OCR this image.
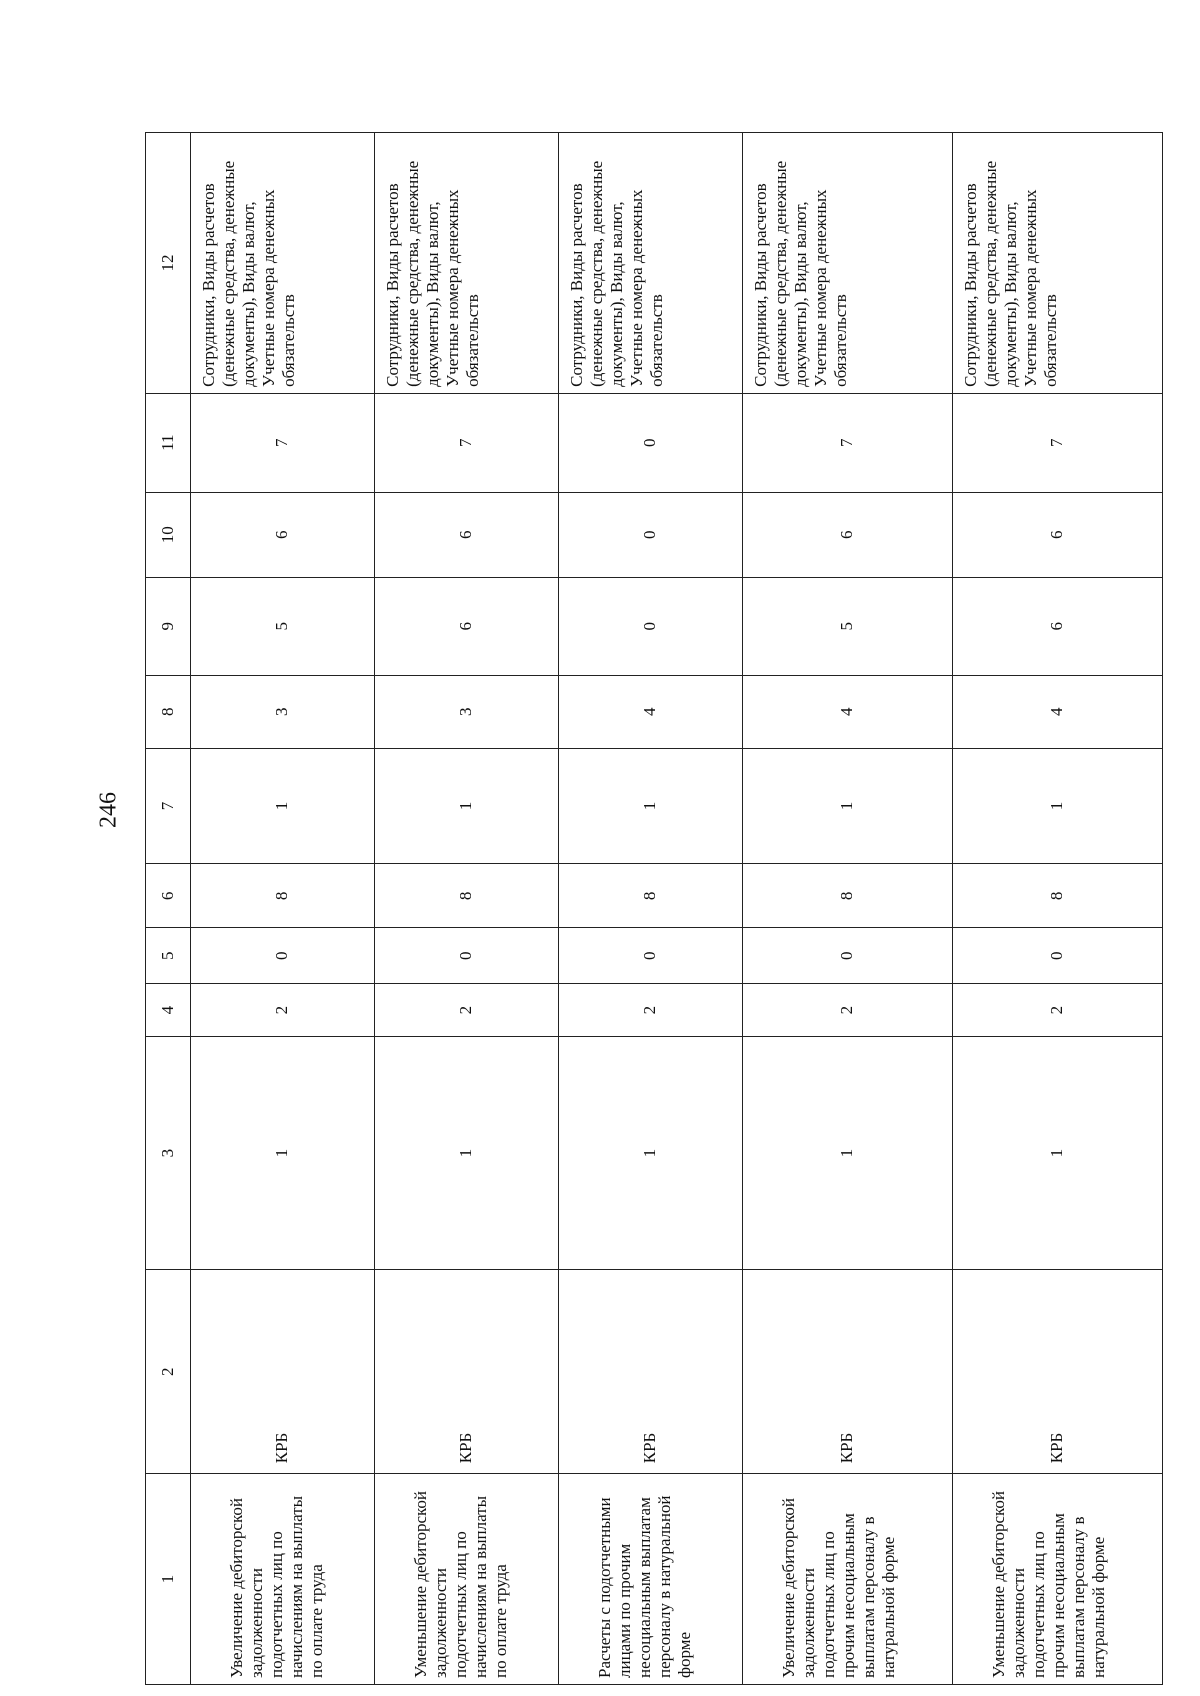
246
1	2	3	4	5	6	7	8	9	10	11	12
Увеличение дебиторской задолженности подотчетных лиц по начислениям на выплаты по оплате труда	КРБ	1	2	0	8	1	3	5	6	7	Сотрудники, Виды расчетов (денежные средства, денежные документы), Виды валют, Учетные номера денежных обязательств
Уменьшение дебиторской задолженности подотчетных лиц по начислениям на выплаты по оплате труда	КРБ	1	2	0	8	1	3	6	6	7	Сотрудники, Виды расчетов (денежные средства, денежные документы), Виды валют, Учетные номера денежных обязательств
Расчеты с подотчетными лицами по прочим несоциальным выплатам персоналу в натуральной форме	КРБ	1	2	0	8	1	4	0	0	0	Сотрудники, Виды расчетов (денежные средства, денежные документы), Виды валют, Учетные номера денежных обязательств
Увеличение дебиторской задолженности подотчетных лиц по прочим несоциальным выплатам персоналу в натуральной форме	КРБ	1	2	0	8	1	4	5	6	7	Сотрудники, Виды расчетов (денежные средства, денежные документы), Виды валют, Учетные номера денежных обязательств
Уменьшение дебиторской задолженности подотчетных лиц по прочим несоциальным выплатам персоналу в натуральной форме	КРБ	1	2	0	8	1	4	6	6	7	Сотрудники, Виды расчетов (денежные средства, денежные документы), Виды валют, Учетные номера денежных обязательств
